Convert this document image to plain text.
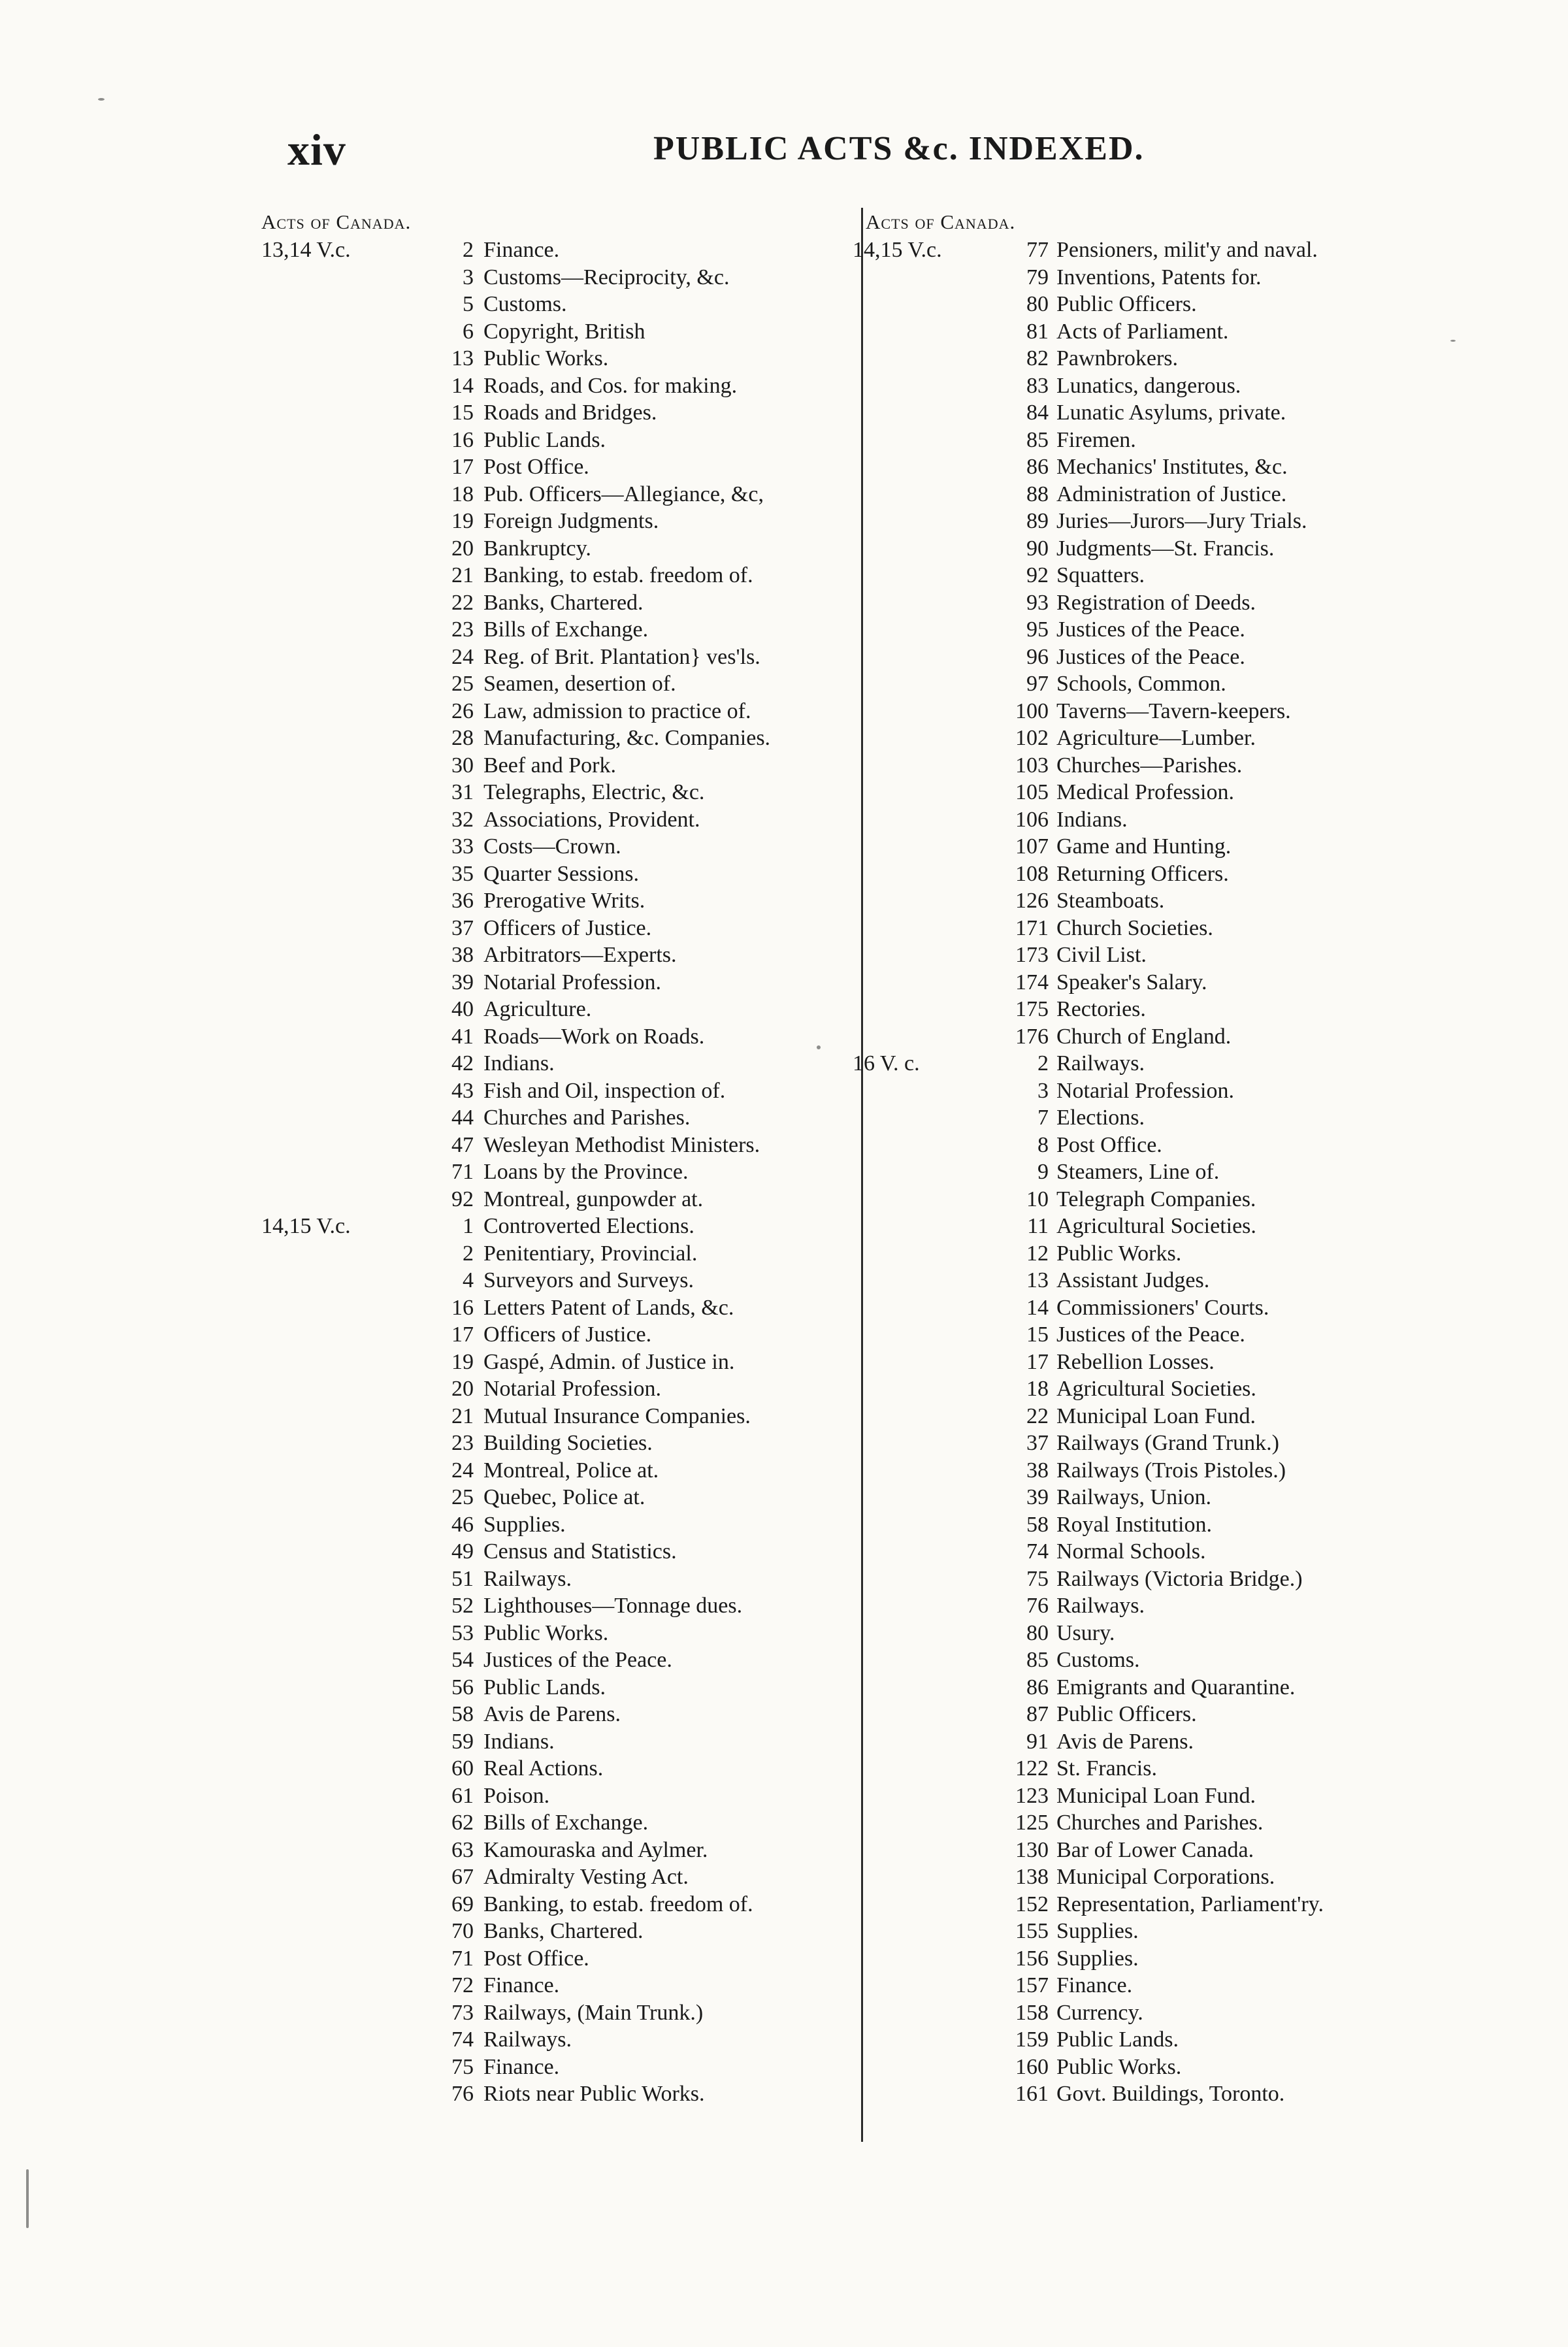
xiv	PUBLIC ACTS &c. INDEXED.
Acts of Canada.
13,14 V.c.	2 Finance.
3 Customs—Reciprocity, &c.
5 Customs.
6 Copyright, British
13 Public Works.
14 Roads, and Cos. for making.
15 Roads and Bridges.
16 Public Lands.
17 Post Office.
18 Pub. Officers—Allegiance, &c,
19 Foreign Judgments.
20 Bankruptcy.
21 Banking, to estab. freedom of.
22 Banks, Chartered.
23 Bills of Exchange.
24 Reg. of Brit. Plantation} ves'ls.
25 Seamen, desertion of.
26 Law, admission to practice of.
28 Manufacturing, &c. Companies.
30 Beef and Pork.
31 Telegraphs, Electric, &c.
32 Associations, Provident.
33 Costs—Crown.
35 Quarter Sessions.
36 Prerogative Writs.
37 Officers of Justice.
38 Arbitrators—Experts.
39 Notarial Profession.
40 Agriculture.
41 Roads—Work on Roads.
42 Indians.
43 Fish and Oil, inspection of.
44 Churches and Parishes.
47 Wesleyan Methodist Ministers.
71 Loans by the Province.
92 Montreal, gunpowder at.
14,15 V.c.	1 Controverted Elections.
2 Penitentiary, Provincial.
4 Surveyors and Surveys.
16 Letters Patent of Lands, &c.
17 Officers of Justice.
19 Gaspé, Admin. of Justice in.
20 Notarial Profession.
21 Mutual Insurance Companies.
23 Building Societies.
24 Montreal, Police at.
25 Quebec, Police at.
46 Supplies.
49 Census and Statistics.
51 Railways.
52 Lighthouses—Tonnage dues.
53 Public Works.
54 Justices of the Peace.
56 Public Lands.
58 Avis de Parens.
59 Indians.
60 Real Actions.
61 Poison.
62 Bills of Exchange.
63 Kamouraska and Aylmer.
67 Admiralty Vesting Act.
69 Banking, to estab. freedom of.
70 Banks, Chartered.
71 Post Office.
72 Finance.
73 Railways, (Main Trunk.)
74 Railways.
75 Finance.
76 Riots near Public Works.
Acts of Canada.
14,15 V.c.	77 Pensioners, milit'y and naval.
79 Inventions, Patents for.
80 Public Officers.
81 Acts of Parliament.
82 Pawnbrokers.
83 Lunatics, dangerous.
84 Lunatic Asylums, private.
85 Firemen.
86 Mechanics' Institutes, &c.
88 Administration of Justice.
89 Juries—Jurors—Jury Trials.
90 Judgments—St. Francis.
92 Squatters.
93 Registration of Deeds.
95 Justices of the Peace.
96 Justices of the Peace.
97 Schools, Common.
100 Taverns—Tavern-keepers.
102 Agriculture—Lumber.
103 Churches—Parishes.
105 Medical Profession.
106 Indians.
107 Game and Hunting.
108 Returning Officers.
126 Steamboats.
171 Church Societies.
173 Civil List.
174 Speaker's Salary.
175 Rectories.
176 Church of England.
16 V. c.	2 Railways.
3 Notarial Profession.
7 Elections.
8 Post Office.
9 Steamers, Line of.
10 Telegraph Companies.
11 Agricultural Societies.
12 Public Works.
13 Assistant Judges.
14 Commissioners' Courts.
15 Justices of the Peace.
17 Rebellion Losses.
18 Agricultural Societies.
22 Municipal Loan Fund.
37 Railways (Grand Trunk.)
38 Railways (Trois Pistoles.)
39 Railways, Union.
58 Royal Institution.
74 Normal Schools.
75 Railways (Victoria Bridge.)
76 Railways.
80 Usury.
85 Customs.
86 Emigrants and Quarantine.
87 Public Officers.
91 Avis de Parens.
122 St. Francis.
123 Municipal Loan Fund.
125 Churches and Parishes.
130 Bar of Lower Canada.
138 Municipal Corporations.
152 Representation, Parliament'ry.
155 Supplies.
156 Supplies.
157 Finance.
158 Currency.
159 Public Lands.
160 Public Works.
161 Govt. Buildings, Toronto.
